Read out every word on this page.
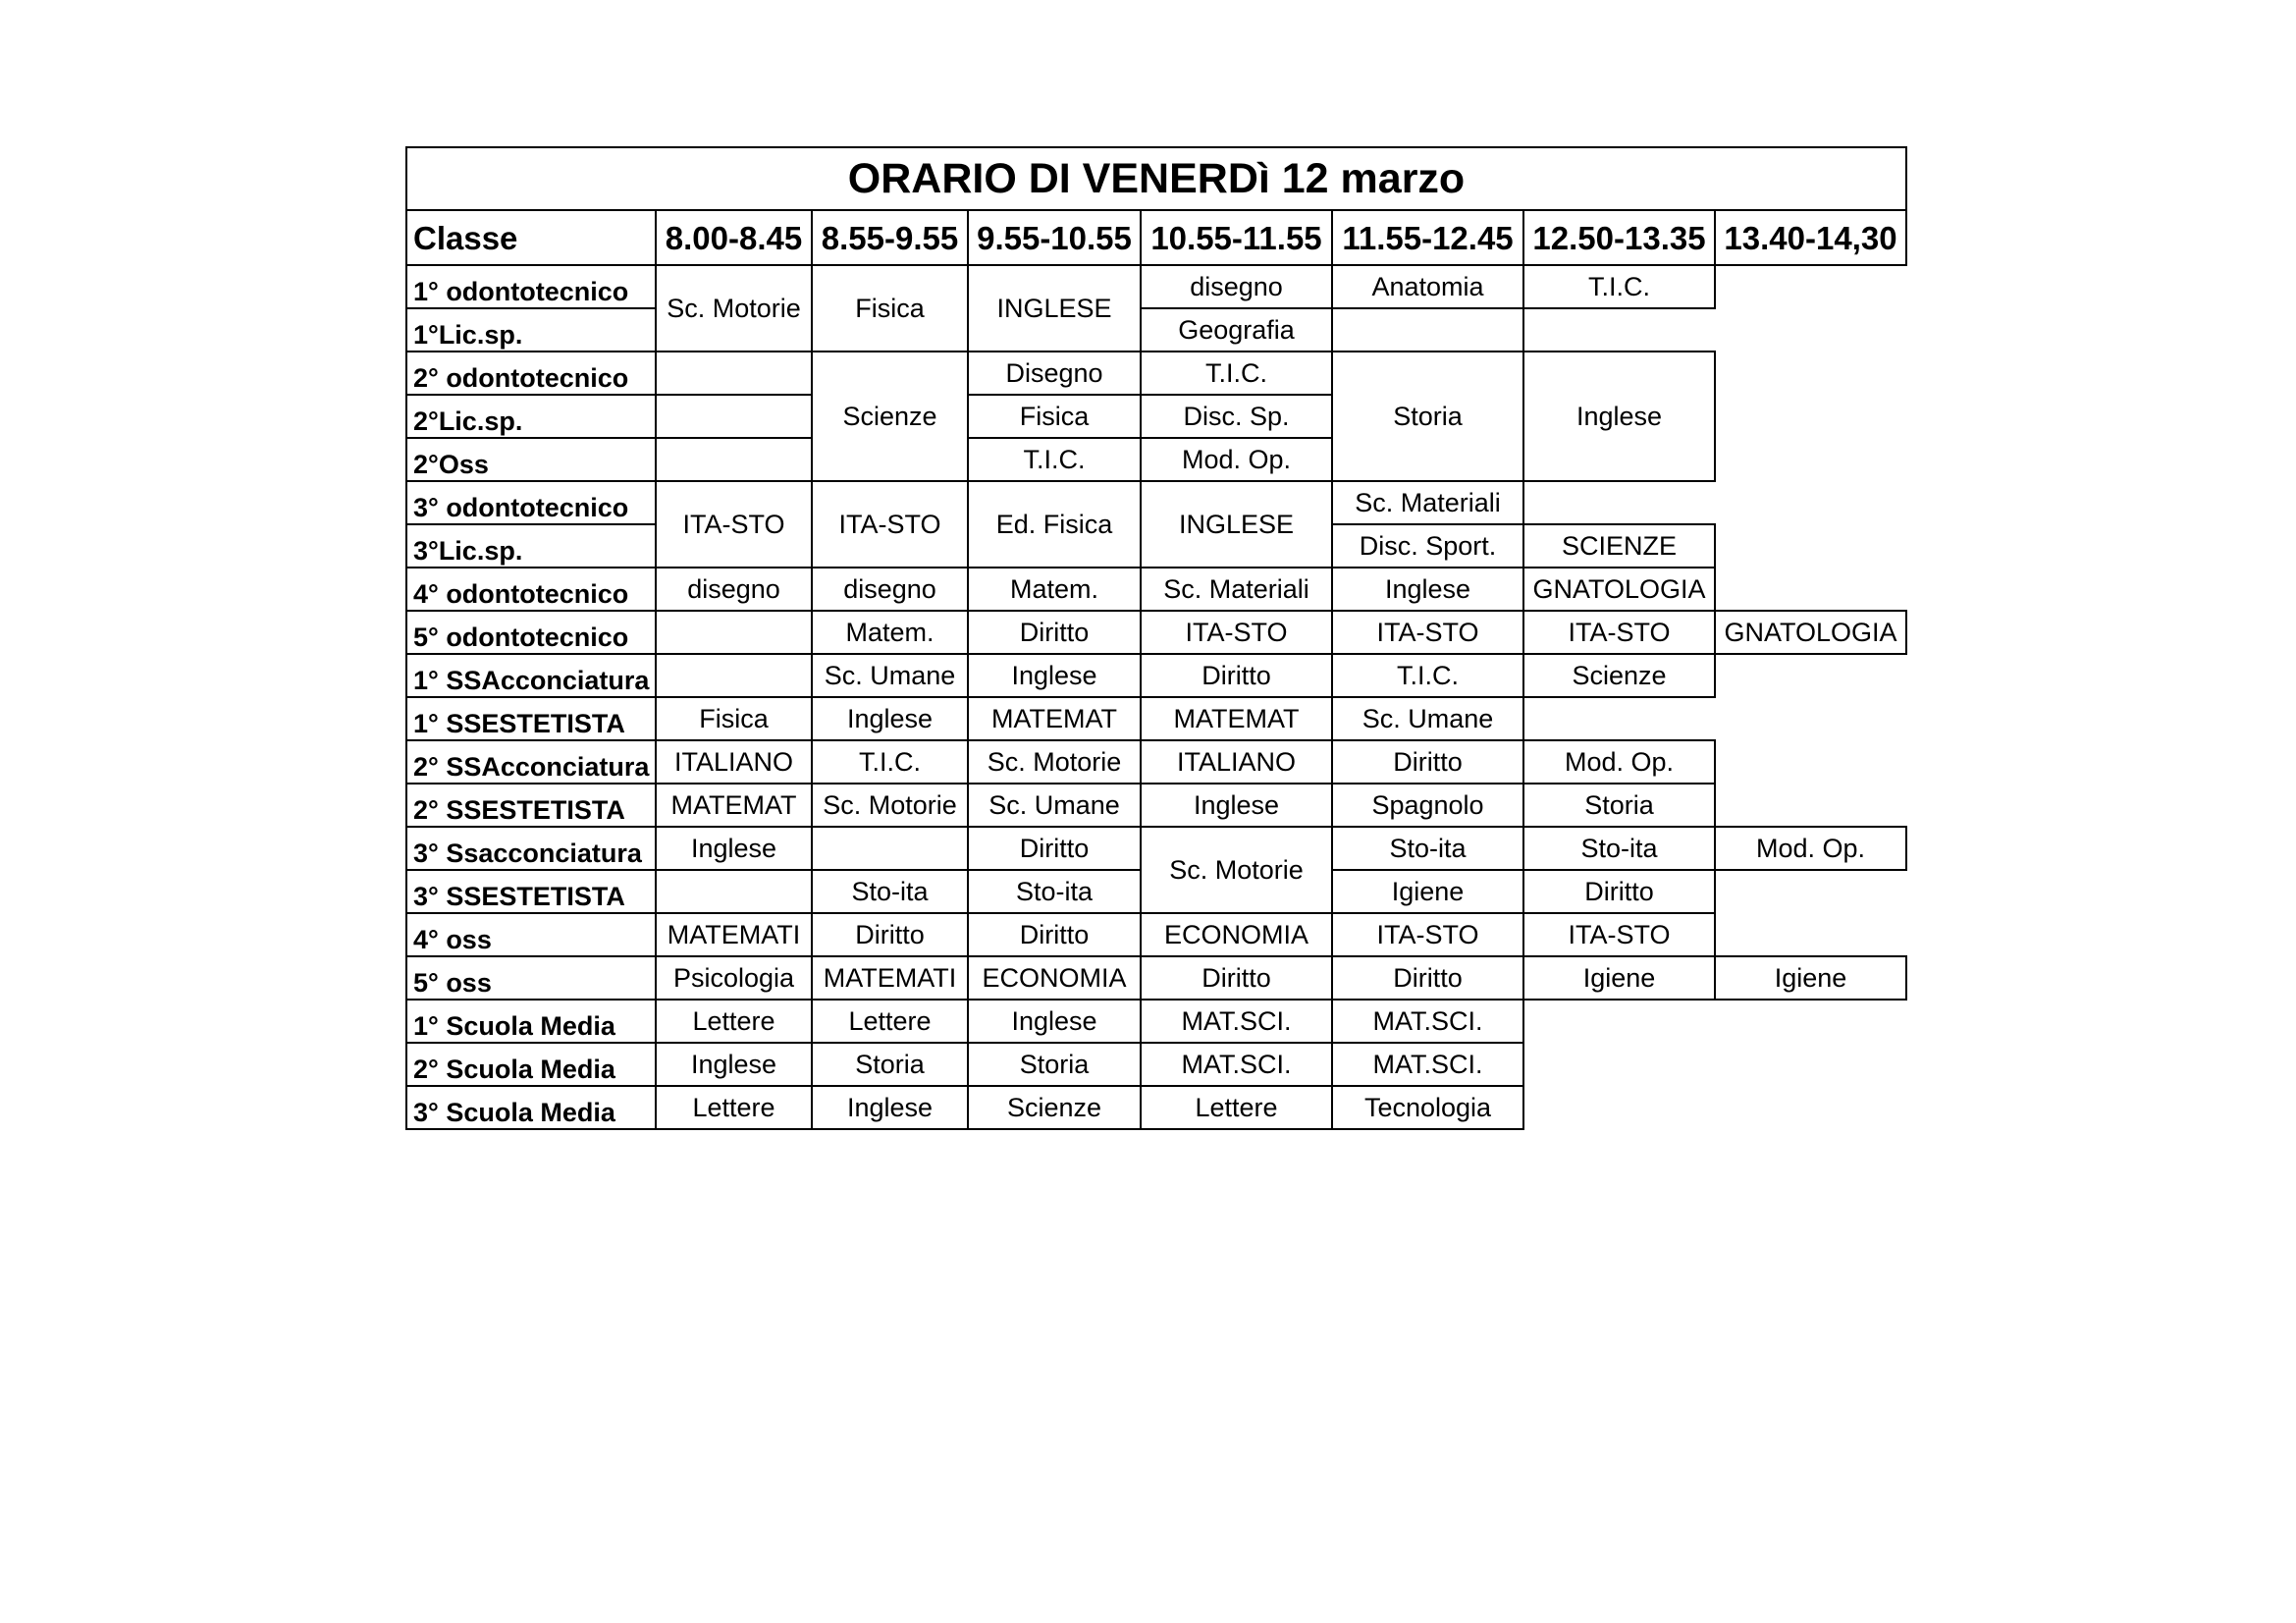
ORARIO DI VENERDì 12 marzo							
Classe	8.00-8.45	8.55-9.55	9.55-10.55	10.55-11.55	11.55-12.45	12.50-13.35	13.40-14,30
1° odontotecnico	Sc. Motorie	Fisica	INGLESE	disegno	Anatomia	T.I.C.	
1°Lic.sp.				Geografia			
2° odontotecnico		Scienze	Disegno	T.I.C.	Storia	Inglese	
2°Lic.sp.			Fisica	Disc. Sp.			
2°Oss			T.I.C.	Mod. Op.			
3° odontotecnico	ITA-STO	ITA-STO	Ed. Fisica	INGLESE	Sc. Materiali		
3°Lic.sp.					Disc. Sport.	SCIENZE	
4° odontotecnico	disegno	disegno	Matem.	Sc. Materiali	Inglese	GNATOLOGIA	
5° odontotecnico		Matem.	Diritto	ITA-STO	ITA-STO	ITA-STO	GNATOLOGIA
1° SSAcconciatura		Sc. Umane	Inglese	Diritto	T.I.C.	Scienze	
1° SSESTETISTA	Fisica	Inglese	MATEMAT	MATEMAT	Sc. Umane		
2° SSAcconciatura	ITALIANO	T.I.C.	Sc. Motorie	ITALIANO	Diritto	Mod. Op.	
2° SSESTETISTA	MATEMAT	Sc. Motorie	Sc. Umane	Inglese	Spagnolo	Storia	
3° Ssacconciatura	Inglese		Diritto	Sc. Motorie	Sto-ita	Sto-ita	Mod. Op.
3° SSESTETISTA		Sto-ita	Sto-ita		Igiene	Diritto	
4° oss	MATEMATI	Diritto	Diritto	ECONOMIA	ITA-STO	ITA-STO	
5° oss	Psicologia	MATEMATI	ECONOMIA	Diritto	Diritto	Igiene	Igiene
1° Scuola Media	Lettere	Lettere	Inglese	MAT.SCI.	MAT.SCI.		
2° Scuola Media	Inglese	Storia	Storia	MAT.SCI.	MAT.SCI.		
3° Scuola Media	Lettere	Inglese	Scienze	Lettere	Tecnologia		
